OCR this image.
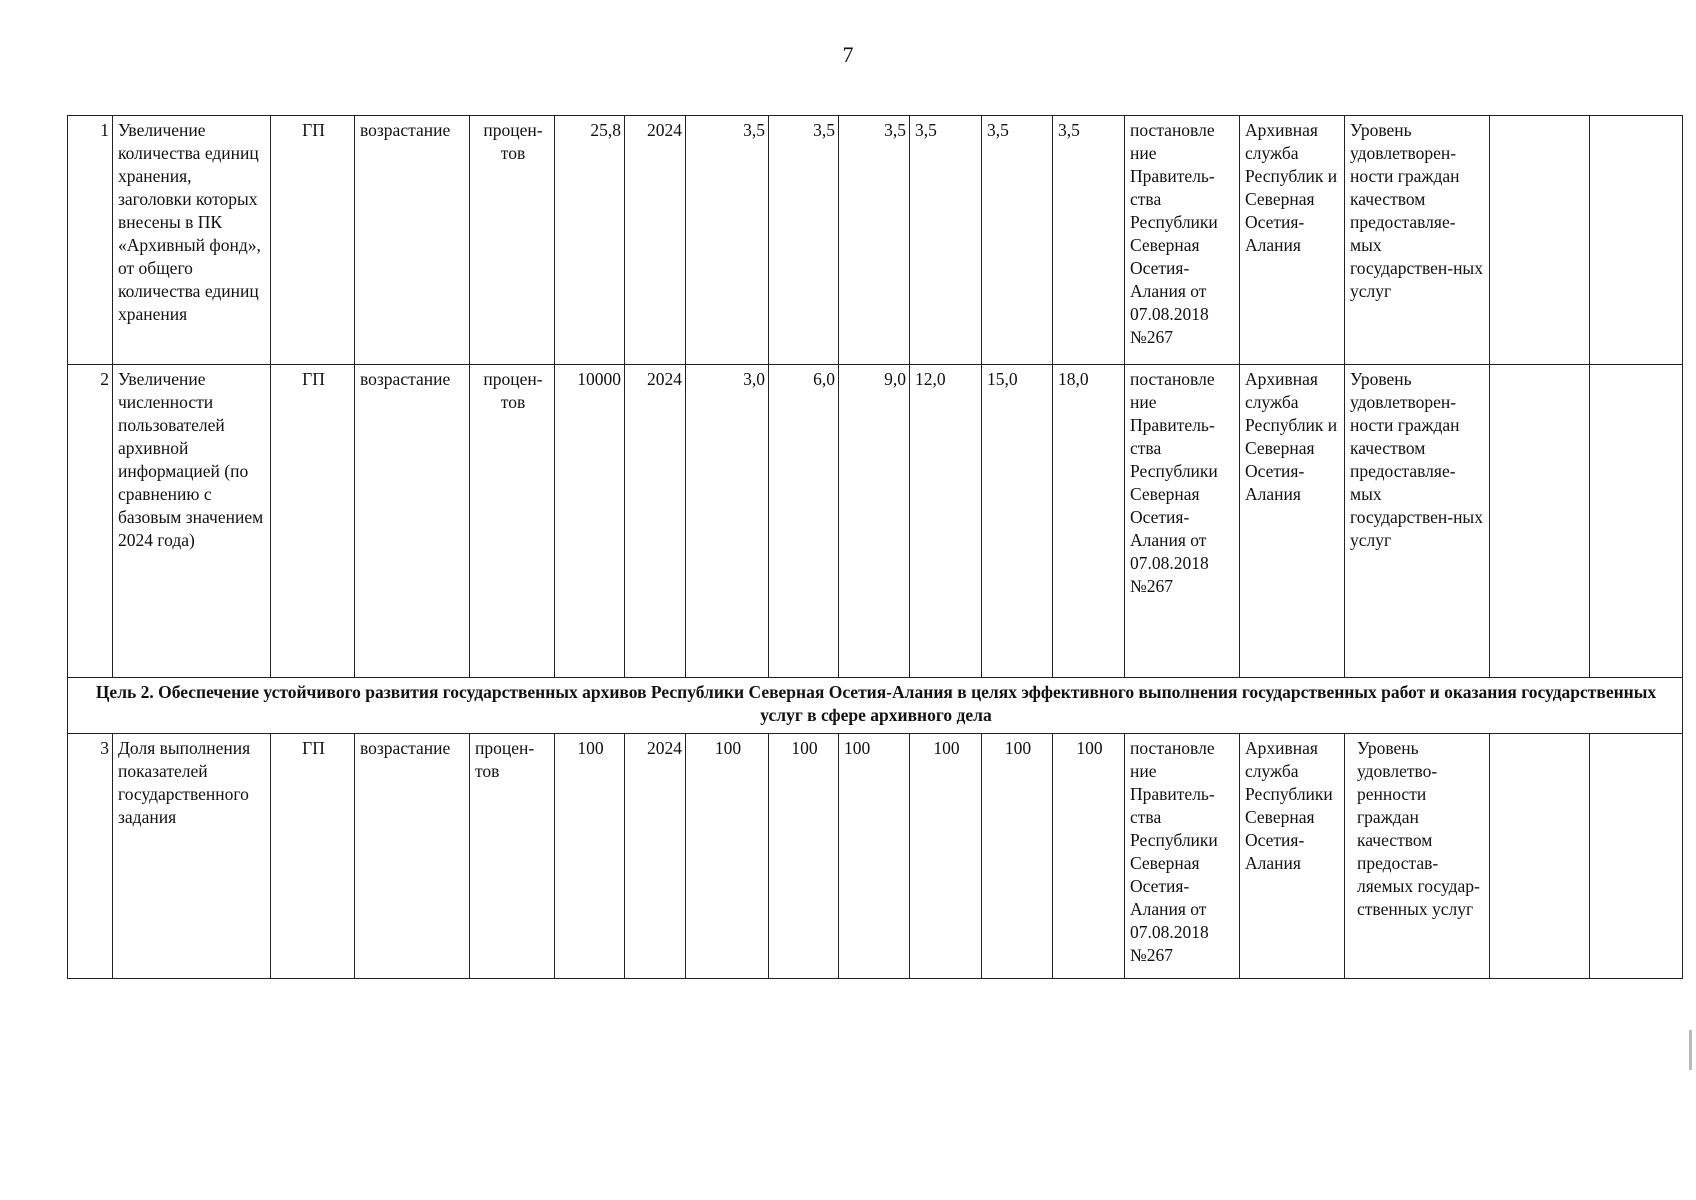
7
1	Увеличение количества единиц хранения, заголовки которых внесены в ПК «Архивный фонд», от общего количества единиц хранения	ГП	возрастание	процен-тов	25,8	2024	3,5	3,5	3,5	3,5	3,5	3,5	постановле ние Правитель-ства Республики Северная Осетия-Алания от 07.08.2018 №267	Архивная служба Республик и Северная Осетия-Алания	Уровень удовлетворен-ности граждан качеством предоставляе-мых государствен-ных услуг		
2	Увеличение численности пользователей архивной информацией (по сравнению с базовым значением 2024 года)	ГП	возрастание	процен-тов	10000	2024	3,0	6,0	9,0	12,0	15,0	18,0	постановле ние Правитель-ства Республики Северная Осетия-Алания от 07.08.2018 №267	Архивная служба Республик и Северная Осетия-Алания	Уровень удовлетворен-ности граждан качеством предоставляе-мых государствен-ных услуг		
Цель 2. Обеспечение устойчивого развития государственных архивов Республики Северная Осетия-Алания в целях эффективного выполнения государственных работ и оказания государственных услуг в сфере архивного дела																	
3	Доля выполнения показателей государственного задания	ГП	возрастание	процен-тов	100	2024	100	100	100	100	100	100	постановле ние Правитель-ства Республики Северная Осетия-Алания от 07.08.2018 №267	Архивная служба Республики Северная Осетия-Алания	Уровень удовлетво-ренности граждан качеством предостав-ляемых государ-ственных услуг		
